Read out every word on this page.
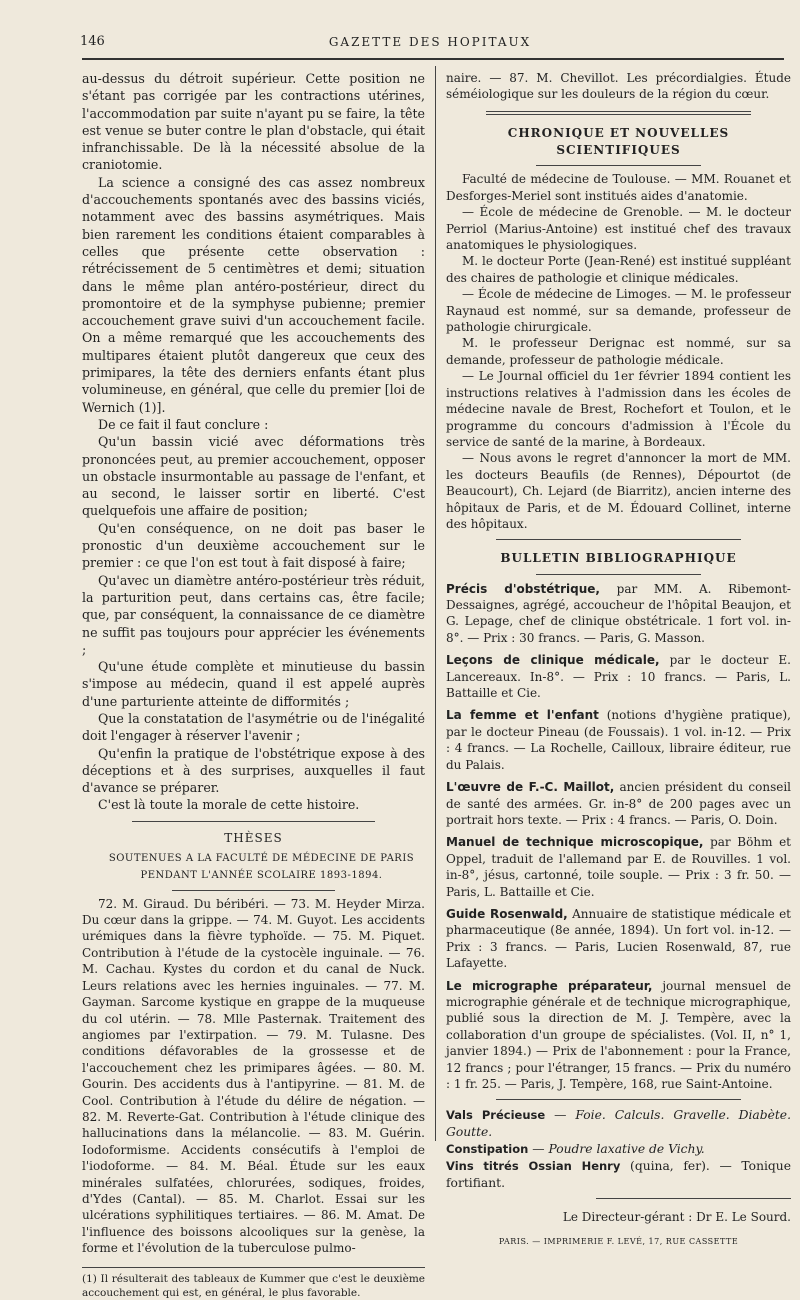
146	GAZETTE DES HOPITAUX

au-dessus du détroit supérieur. Cette position ne s'étant pas corrigée par les contractions utérines, l'accommodation par suite n'ayant pu se faire, la tête est venue se buter contre le plan d'obstacle, qui était infranchissable. De là la nécessité absolue de la craniotomie.

La science a consigné des cas assez nombreux d'accouchements spontanés avec des bassins viciés, notamment avec des bassins asymétriques. Mais bien rarement les conditions étaient comparables à celles que présente cette observation : rétrécissement de 5 centimètres et demi; situation dans le même plan antéro-postérieur, direct du promontoire et de la symphyse pubienne; premier accouchement grave suivi d'un accouchement facile. On a même remarqué que les accouchements des multipares étaient plutôt dangereux que ceux des primipares, la tête des derniers enfants étant plus volumineuse, en général, que celle du premier [loi de Wernich (1)].

De ce fait il faut conclure :

Qu'un bassin vicié avec déformations très prononcées peut, au premier accouchement, opposer un obstacle insurmontable au passage de l'enfant, et au second, le laisser sortir en liberté. C'est quelquefois une affaire de position;

Qu'en conséquence, on ne doit pas baser le pronostic d'un deuxième accouchement sur le premier : ce que l'on est tout à fait disposé à faire;

Qu'avec un diamètre antéro-postérieur très réduit, la parturition peut, dans certains cas, être facile; que, par conséquent, la connaissance de ce diamètre ne suffit pas toujours pour apprécier les événements ;

Qu'une étude complète et minutieuse du bassin s'impose au médecin, quand il est appelé auprès d'une parturiente atteinte de difformités ;

Que la constatation de l'asymétrie ou de l'inégalité doit l'engager à réserver l'avenir ;

Qu'enfin la pratique de l'obstétrique expose à des déceptions et à des surprises, auxquelles il faut d'avance se préparer.

C'est là toute la morale de cette histoire.

THÈSES

SOUTENUES A LA FACULTÉ DE MÉDECINE DE PARIS

PENDANT L'ANNÉE SCOLAIRE 1893-1894.

72. M. Giraud. Du béribéri. — 73. M. Heyder Mirza. Du cœur dans la grippe. — 74. M. Guyot. Les accidents urémiques dans la fièvre typhoïde. — 75. M. Piquet. Contribution à l'étude de la cystocèle inguinale. — 76. M. Cachau. Kystes du cordon et du canal de Nuck. Leurs relations avec les hernies inguinales. — 77. M. Gayman. Sarcome kystique en grappe de la muqueuse du col utérin. — 78. Mlle Pasternak. Traitement des angiomes par l'extirpation. — 79. M. Tulasne. Des conditions défavorables de la grossesse et de l'accouchement chez les primipares âgées. — 80. M. Gourin. Des accidents dus à l'antipyrine. — 81. M. de Cool. Contribution à l'étude du délire de négation. — 82. M. Reverte-Gat. Contribution à l'étude clinique des hallucinations dans la mélancolie. — 83. M. Guérin. Iodoformisme. Accidents consécutifs à l'emploi de l'iodoforme. — 84. M. Béal. Étude sur les eaux minérales sulfatées, chlorurées, sodiques, froides, d'Ydes (Cantal). — 85. M. Charlot. Essai sur les ulcérations syphilitiques tertiaires. — 86. M. Amat. De l'influence des boissons alcooliques sur la genèse, la forme et l'évolution de la tuberculose pulmo-

(1) Il résulterait des tableaux de Kummer que c'est le deuxième accouchement qui est, en général, le plus favorable.

naire. — 87. M. Chevillot. Les précordialgies. Étude séméiologique sur les douleurs de la région du cœur.

CHRONIQUE ET NOUVELLES SCIENTIFIQUES

Faculté de médecine de Toulouse. — MM. Rouanet et Desforges-Meriel sont institués aides d'anatomie.

— École de médecine de Grenoble. — M. le docteur Perriol (Marius-Antoine) est institué chef des travaux anatomiques le physiologiques.

M. le docteur Porte (Jean-René) est institué suppléant des chaires de pathologie et clinique médicales.

— École de médecine de Limoges. — M. le professeur Raynaud est nommé, sur sa demande, professeur de pathologie chirurgicale.

M. le professeur Derignac est nommé, sur sa demande, professeur de pathologie médicale.

— Le Journal officiel du 1er février 1894 contient les instructions relatives à l'admission dans les écoles de médecine navale de Brest, Rochefort et Toulon, et le programme du concours d'admission à l'École du service de santé de la marine, à Bordeaux.

— Nous avons le regret d'annoncer la mort de MM. les docteurs Beaufils (de Rennes), Dépourtot (de Beaucourt), Ch. Lejard (de Biarritz), ancien interne des hôpitaux de Paris, et de M. Édouard Collinet, interne des hôpitaux.

BULLETIN BIBLIOGRAPHIQUE

Précis d'obstétrique, par MM. A. Ribemont-Dessaignes, agrégé, accoucheur de l'hôpital Beaujon, et G. Lepage, chef de clinique obstétricale. 1 fort vol. in-8°. — Prix : 30 francs. — Paris, G. Masson.

Leçons de clinique médicale, par le docteur E. Lancereaux. In-8°. — Prix : 10 francs. — Paris, L. Battaille et Cie.

La femme et l'enfant (notions d'hygiène pratique), par le docteur Pineau (de Foussais). 1 vol. in-12. — Prix : 4 francs. — La Rochelle, Cailloux, libraire éditeur, rue du Palais.

L'œuvre de F.-C. Maillot, ancien président du conseil de santé des armées. Gr. in-8° de 200 pages avec un portrait hors texte. — Prix : 4 francs. — Paris, O. Doin.

Manuel de technique microscopique, par Böhm et Oppel, traduit de l'allemand par E. de Rouvilles. 1 vol. in-8°, jésus, cartonné, toile souple. — Prix : 3 fr. 50. — Paris, L. Battaille et Cie.

Guide Rosenwald, Annuaire de statistique médicale et pharmaceutique (8e année, 1894). Un fort vol. in-12. — Prix : 3 francs. — Paris, Lucien Rosenwald, 87, rue Lafayette.

Le micrographe préparateur, journal mensuel de micrographie générale et de technique micrographique, publié sous la direction de M. J. Tempère, avec la collaboration d'un groupe de spécialistes. (Vol. II, n° 1, janvier 1894.) — Prix de l'abonnement : pour la France, 12 francs ; pour l'étranger, 15 francs. — Prix du numéro : 1 fr. 25. — Paris, J. Tempère, 168, rue Saint-Antoine.

Vals Précieuse — Foie. Calculs. Gravelle. Diabète. Goutte.

Constipation — Poudre laxative de Vichy.

Vins titrés Ossian Henry (quina, fer). — Tonique fortifiant.

Le Directeur-gérant : Dr E. Le Sourd.
PARIS. — IMPRIMERIE F. LEVÉ, 17, RUE CASSETTE
